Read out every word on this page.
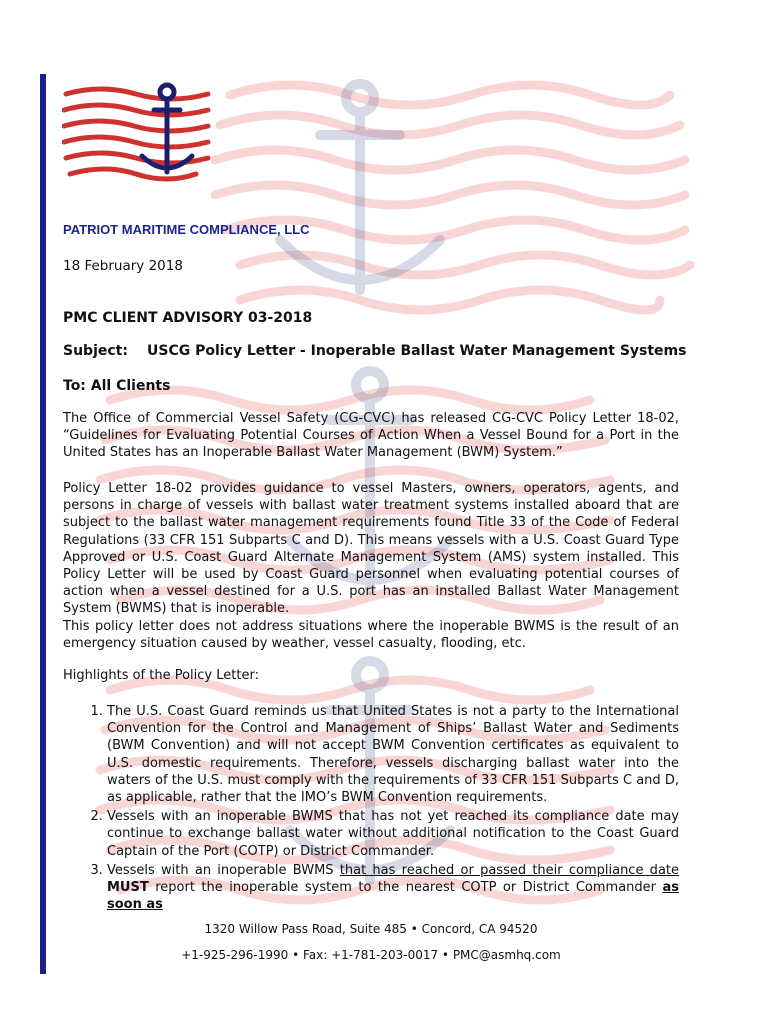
PATRIOT MARITIME COMPLIANCE, LLC
18 February 2018
PMC CLIENT ADVISORY 03-2018
Subject: USCG Policy Letter - Inoperable Ballast Water Management Systems
To: All Clients

The Office of Commercial Vessel Safety (CG-CVC) has released CG-CVC Policy Letter 18-02, “Guidelines for Evaluating Potential Courses of Action When a Vessel Bound for a Port in the United States has an Inoperable Ballast Water Management (BWM) System.”

Policy Letter 18-02 provides guidance to vessel Masters, owners, operators, agents, and persons in charge of vessels with ballast water treatment systems installed aboard that are subject to the ballast water management requirements found Title 33 of the Code of Federal Regulations (33 CFR 151 Subparts C and D). This means vessels with a U.S. Coast Guard Type Approved or U.S. Coast Guard Alternate Management System (AMS) system installed. This Policy Letter will be used by Coast Guard personnel when evaluating potential courses of action when a vessel destined for a U.S. port has an installed Ballast Water Management System (BWMS) that is inoperable.

This policy letter does not address situations where the inoperable BWMS is the result of an emergency situation caused by weather, vessel casualty, flooding, etc.

Highlights of the Policy Letter:

1. The U.S. Coast Guard reminds us that United States is not a party to the International Convention for the Control and Management of Ships’ Ballast Water and Sediments (BWM Convention) and will not accept BWM Convention certificates as equivalent to U.S. domestic requirements. Therefore, vessels discharging ballast water into the waters of the U.S. must comply with the requirements of 33 CFR 151 Subparts C and D, as applicable, rather that the IMO’s BWM Convention requirements.
2. Vessels with an inoperable BWMS that has not yet reached its compliance date may continue to exchange ballast water without additional notification to the Coast Guard Captain of the Port (COTP) or District Commander.
3. Vessels with an inoperable BWMS that has reached or passed their compliance date MUST report the inoperable system to the nearest COTP or District Commander as soon as
1320 Willow Pass Road, Suite 485 • Concord, CA 94520
+1-925-296-1990 • Fax: +1-781-203-0017 • PMC@asmhq.com
